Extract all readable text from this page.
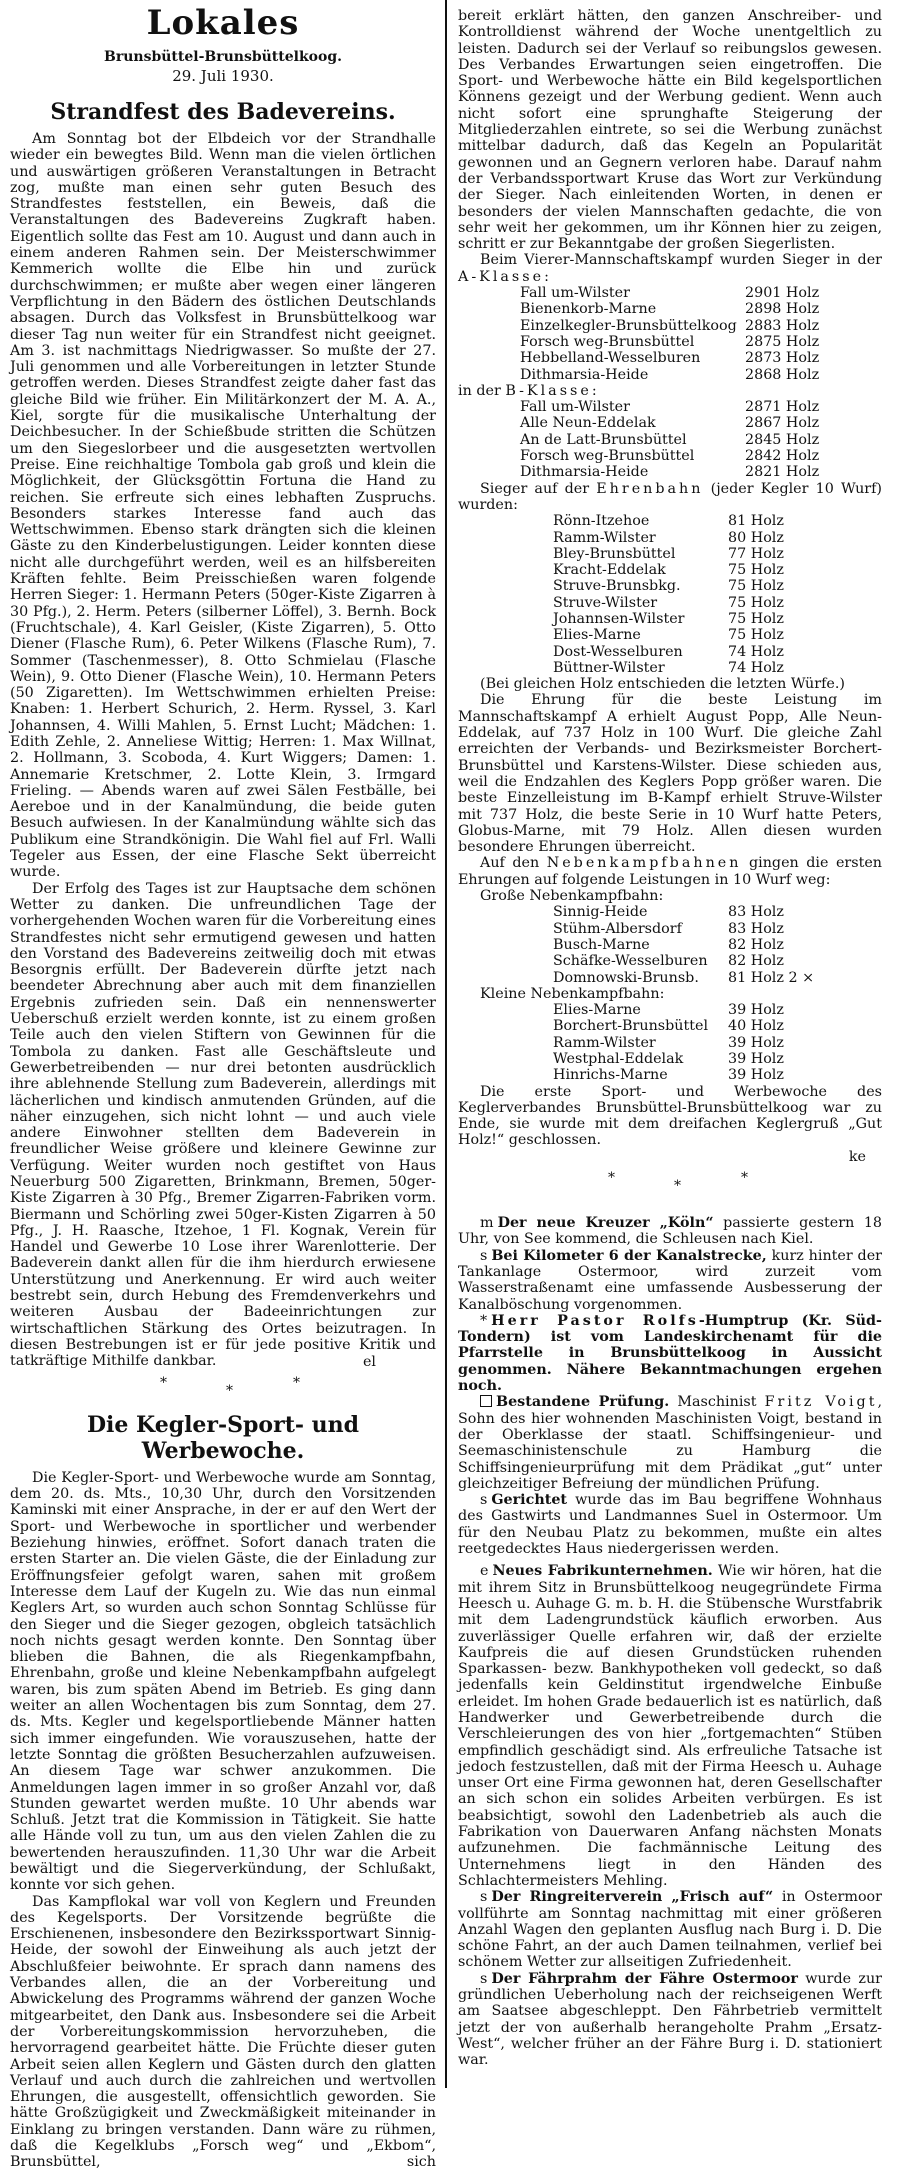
Lokales
Brunsbüttel-Brunsbüttelkoog.
29. Juli 1930.
Strandfest des Badevereins.

Am Sonntag bot der Elbdeich vor der Strandhalle wieder ein bewegtes Bild. Wenn man die vielen örtlichen und auswärtigen größeren Veranstaltungen in Betracht zog, mußte man einen sehr guten Besuch des Strandfestes feststellen, ein Beweis, daß die Veranstaltungen des Badevereins Zugkraft haben. Eigentlich sollte das Fest am 10. August und dann auch in einem anderen Rahmen sein. Der Meisterschwimmer Kemmerich wollte die Elbe hin und zurück durchschwimmen; er mußte aber wegen einer längeren Verpflichtung in den Bädern des östlichen Deutschlands absagen. Durch das Volksfest in Brunsbüttelkoog war dieser Tag nun weiter für ein Strandfest nicht geeignet. Am 3. ist nachmittags Niedrigwasser. So mußte der 27. Juli genommen und alle Vorbereitungen in letzter Stunde getroffen werden. Dieses Strandfest zeigte daher fast das gleiche Bild wie früher. Ein Militärkonzert der M. A. A., Kiel, sorgte für die musikalische Unterhaltung der Deichbesucher. In der Schießbude stritten die Schützen um den Siegeslorbeer und die ausgesetzten wertvollen Preise. Eine reichhaltige Tombola gab groß und klein die Möglichkeit, der Glücksgöttin Fortuna die Hand zu reichen. Sie erfreute sich eines lebhaften Zuspruchs. Besonders starkes Interesse fand auch das Wettschwimmen. Ebenso stark drängten sich die kleinen Gäste zu den Kinderbelustigungen. Leider konnten diese nicht alle durchgeführt werden, weil es an hilfsbereiten Kräften fehlte. Beim Preisschießen waren folgende Herren Sieger: 1. Hermann Peters (50ger-Kiste Zigarren à 30 Pfg.), 2. Herm. Peters (silberner Löffel), 3. Bernh. Bock (Fruchtschale), 4. Karl Geisler, (Kiste Zigarren), 5. Otto Diener (Flasche Rum), 6. Peter Wilkens (Flasche Rum), 7. Sommer (Taschenmesser), 8. Otto Schmielau (Flasche Wein), 9. Otto Diener (Flasche Wein), 10. Hermann Peters (50 Zigaretten). Im Wettschwimmen erhielten Preise: Knaben: 1. Herbert Schurich, 2. Herm. Ryssel, 3. Karl Johannsen, 4. Willi Mahlen, 5. Ernst Lucht; Mädchen: 1. Edith Zehle, 2. Anneliese Wittig; Herren: 1. Max Willnat, 2. Hollmann, 3. Scoboda, 4. Kurt Wiggers; Damen: 1. Annemarie Kretschmer, 2. Lotte Klein, 3. Irmgard Frieling. — Abends waren auf zwei Sälen Festbälle, bei Aereboe und in der Kanalmündung, die beide guten Besuch aufwiesen. In der Kanalmündung wählte sich das Publikum eine Strandkönigin. Die Wahl fiel auf Frl. Walli Tegeler aus Essen, der eine Flasche Sekt überreicht wurde.

Der Erfolg des Tages ist zur Hauptsache dem schönen Wetter zu danken. Die unfreundlichen Tage der vorhergehenden Wochen waren für die Vorbereitung eines Strandfestes nicht sehr ermutigend gewesen und hatten den Vorstand des Badevereins zeitweilig doch mit etwas Besorgnis erfüllt. Der Badeverein dürfte jetzt nach beendeter Abrechnung aber auch mit dem finanziellen Ergebnis zufrieden sein. Daß ein nennenswerter Ueberschuß erzielt werden konnte, ist zu einem großen Teile auch den vielen Stiftern von Gewinnen für die Tombola zu danken. Fast alle Geschäftsleute und Gewerbetreibenden — nur drei betonten ausdrücklich ihre ablehnende Stellung zum Badeverein, allerdings mit lächerlichen und kindisch anmutenden Gründen, auf die näher einzugehen, sich nicht lohnt — und auch viele andere Einwohner stellten dem Badeverein in freundlicher Weise größere und kleinere Gewinne zur Verfügung. Weiter wurden noch gestiftet von Haus Neuerburg 500 Zigaretten, Brinkmann, Bremen, 50ger-Kiste Zigarren à 30 Pfg., Bremer Zigarren-Fabriken vorm. Biermann und Schörling zwei 50ger-Kisten Zigarren à 50 Pfg., J. H. Raasche, Itzehoe, 1 Fl. Kognak, Verein für Handel und Gewerbe 10 Lose ihrer Warenlotterie. Der Badeverein dankt allen für die ihm hierdurch erwiesene Unterstützung und Anerkennung. Er wird auch weiter bestrebt sein, durch Hebung des Fremdenverkehrs und weiteren Ausbau der Badeeinrichtungen zur wirtschaftlichen Stärkung des Ortes beizutragen. In diesen Bestrebungen ist er für jede positive Kritik und tatkräftige Mithilfe dankbar.	el
*	*	*
Die Kegler-Sport- und Werbewoche.

Die Kegler-Sport- und Werbewoche wurde am Sonntag, dem 20. ds. Mts., 10,30 Uhr, durch den Vorsitzenden Kaminski mit einer Ansprache, in der er auf den Wert der Sport- und Werbewoche in sportlicher und werbender Beziehung hinwies, eröffnet. Sofort danach traten die ersten Starter an. Die vielen Gäste, die der Einladung zur Eröffnungsfeier gefolgt waren, sahen mit großem Interesse dem Lauf der Kugeln zu. Wie das nun einmal Keglers Art, so wurden auch schon Sonntag Schlüsse für den Sieger und die Sieger gezogen, obgleich tatsächlich noch nichts gesagt werden konnte. Den Sonntag über blieben die Bahnen, die als Riegenkampfbahn, Ehrenbahn, große und kleine Nebenkampfbahn aufgelegt waren, bis zum späten Abend im Betrieb. Es ging dann weiter an allen Wochentagen bis zum Sonntag, dem 27. ds. Mts. Kegler und kegelsportliebende Männer hatten sich immer eingefunden. Wie vorauszusehen, hatte der letzte Sonntag die größten Besucherzahlen aufzuweisen. An diesem Tage war schwer anzukommen. Die Anmeldungen lagen immer in so großer Anzahl vor, daß Stunden gewartet werden mußte. 10 Uhr abends war Schluß. Jetzt trat die Kommission in Tätigkeit. Sie hatte alle Hände voll zu tun, um aus den vielen Zahlen die zu bewertenden herauszufinden. 11,30 Uhr war die Arbeit bewältigt und die Siegerverkündung, der Schlußakt, konnte vor sich gehen.

Das Kampflokal war voll von Keglern und Freunden des Kegelsports. Der Vorsitzende begrüßte die Erschienenen, insbesondere den Bezirkssportwart Sinnig-Heide, der sowohl der Einweihung als auch jetzt der Abschlußfeier beiwohnte. Er sprach dann namens des Verbandes allen, die an der Vorbereitung und Abwickelung des Programms während der ganzen Woche mitgearbeitet, den Dank aus. Insbesondere sei die Arbeit der Vorbereitungskommission hervorzuheben, die hervorragend gearbeitet hätte. Die Früchte dieser guten Arbeit seien allen Keglern und Gästen durch den glatten Verlauf und auch durch die zahlreichen und wertvollen Ehrungen, die ausgestellt, offensichtlich geworden. Sie hätte Großzügigkeit und Zweckmäßigkeit miteinander in Einklang zu bringen verstanden. Dann wäre zu rühmen, daß die Kegelklubs „Forsch weg“ und „Ekbom“, Brunsbüttel, sich

bereit erklärt hätten, den ganzen Anschreiber- und Kontrolldienst während der Woche unentgeltlich zu leisten. Dadurch sei der Verlauf so reibungslos gewesen. Des Verbandes Erwartungen seien eingetroffen. Die Sport- und Werbewoche hätte ein Bild kegelsportlichen Könnens gezeigt und der Werbung gedient. Wenn auch nicht sofort eine sprunghafte Steigerung der Mitgliederzahlen eintrete, so sei die Werbung zunächst mittelbar dadurch, daß das Kegeln an Popularität gewonnen und an Gegnern verloren habe. Darauf nahm der Verbandssportwart Kruse das Wort zur Verkündung der Sieger. Nach einleitenden Worten, in denen er besonders der vielen Mannschaften gedachte, die von sehr weit her gekommen, um ihr Können hier zu zeigen, schritt er zur Bekanntgabe der großen Siegerlisten.

Beim Vierer-Mannschaftskampf wurden Sieger in der A-Klasse:

Fall um-Wilster	2901 Holz
Bienenkorb-Marne	2898 Holz
Einzelkegler-Brunsbüttelkoog	2883 Holz
Forsch weg-Brunsbüttel	2875 Holz
Hebbelland-Wesselburen	2873 Holz
Dithmarsia-Heide	2868 Holz
in der B-Klasse:
Fall um-Wilster	2871 Holz
Alle Neun-Eddelak	2867 Holz
An de Latt-Brunsbüttel	2845 Holz
Forsch weg-Brunsbüttel	2842 Holz
Dithmarsia-Heide	2821 Holz

Sieger auf der Ehrenbahn (jeder Kegler 10 Wurf) wurden:

Rönn-Itzehoe	81 Holz
Ramm-Wilster	80 Holz
Bley-Brunsbüttel	77 Holz
Kracht-Eddelak	75 Holz
Struve-Brunsbkg.	75 Holz
Struve-Wilster	75 Holz
Johannsen-Wilster	75 Holz
Elies-Marne	75 Holz
Dost-Wesselburen	74 Holz
Büttner-Wilster	74 Holz
(Bei gleichen Holz entschieden die letzten Würfe.)

Die Ehrung für die beste Leistung im Mannschaftskampf A erhielt August Popp, Alle Neun-Eddelak, auf 737 Holz in 100 Wurf. Die gleiche Zahl erreichten der Verbands- und Bezirksmeister Borchert-Brunsbüttel und Karstens-Wilster. Diese schieden aus, weil die Endzahlen des Keglers Popp größer waren. Die beste Einzelleistung im B-Kampf erhielt Struve-Wilster mit 737 Holz, die beste Serie in 10 Wurf hatte Peters, Globus-Marne, mit 79 Holz. Allen diesen wurden besondere Ehrungen überreicht.

Auf den Nebenkampfbahnen gingen die ersten Ehrungen auf folgende Leistungen in 10 Wurf weg:

Große Nebenkampfbahn:
Sinnig-Heide	83 Holz
Stühm-Albersdorf	83 Holz
Busch-Marne	82 Holz
Schäfke-Wesselburen	82 Holz
Domnowski-Brunsb.	81 Holz 2 ×
Kleine Nebenkampfbahn:
Elies-Marne	39 Holz
Borchert-Brunsbüttel	40 Holz
Ramm-Wilster	39 Holz
Westphal-Eddelak	39 Holz
Hinrichs-Marne	39 Holz

Die erste Sport- und Werbewoche des Keglerverbandes Brunsbüttel-Brunsbüttelkoog war zu Ende, sie wurde mit dem dreifachen Keglergruß „Gut Holz!“ geschlossen.

ke
*	*	*

m Der neue Kreuzer „Köln“ passierte gestern 18 Uhr, von See kommend, die Schleusen nach Kiel.

s Bei Kilometer 6 der Kanalstrecke, kurz hinter der Tankanlage Ostermoor, wird zurzeit vom Wasserstraßenamt eine umfassende Ausbesserung der Kanalböschung vorgenommen.

* Herr Pastor Rolfs-Humptrup (Kr. Süd-Tondern) ist vom Landeskirchenamt für die Pfarrstelle in Brunsbüttelkoog in Aussicht genommen. Nähere Bekanntmachungen ergehen noch.

Bestandene Prüfung. Maschinist Fritz Voigt, Sohn des hier wohnenden Maschinisten Voigt, bestand in der Oberklasse der staatl. Schiffsingenieur- und Seemaschinistenschule zu Hamburg die Schiffsingenieurprüfung mit dem Prädikat „gut“ unter gleichzeitiger Befreiung der mündlichen Prüfung.

s Gerichtet wurde das im Bau begriffene Wohnhaus des Gastwirts und Landmannes Suel in Ostermoor. Um für den Neubau Platz zu bekommen, mußte ein altes reetgedecktes Haus niedergerissen werden.

e Neues Fabrikunternehmen. Wie wir hören, hat die mit ihrem Sitz in Brunsbüttelkoog neugegründete Firma Heesch u. Auhage G. m. b. H. die Stübensche Wurstfabrik mit dem Ladengrundstück käuflich erworben. Aus zuverlässiger Quelle erfahren wir, daß der erzielte Kaufpreis die auf diesen Grundstücken ruhenden Sparkassen- bezw. Bankhypotheken voll gedeckt, so daß jedenfalls kein Geldinstitut irgendwelche Einbuße erleidet. Im hohen Grade bedauerlich ist es natürlich, daß Handwerker und Gewerbetreibende durch die Verschleierungen des von hier „fortgemachten“ Stüben empfindlich geschädigt sind. Als erfreuliche Tatsache ist jedoch festzustellen, daß mit der Firma Heesch u. Auhage unser Ort eine Firma gewonnen hat, deren Gesellschafter an sich schon ein solides Arbeiten verbürgen. Es ist beabsichtigt, sowohl den Ladenbetrieb als auch die Fabrikation von Dauerwaren Anfang nächsten Monats aufzunehmen. Die fachmännische Leitung des Unternehmens liegt in den Händen des Schlachtermeisters Mehling.

s Der Ringreiterverein „Frisch auf“ in Ostermoor vollführte am Sonntag nachmittag mit einer größeren Anzahl Wagen den geplanten Ausflug nach Burg i. D. Die schöne Fahrt, an der auch Damen teilnahmen, verlief bei schönem Wetter zur allseitigen Zufriedenheit.

s Der Fährprahm der Fähre Ostermoor wurde zur gründlichen Ueberholung nach der reichseigenen Werft am Saatsee abgeschleppt. Den Fährbetrieb vermittelt jetzt der von außerhalb herangeholte Prahm „Ersatz-West“, welcher früher an der Fähre Burg i. D. stationiert war.
